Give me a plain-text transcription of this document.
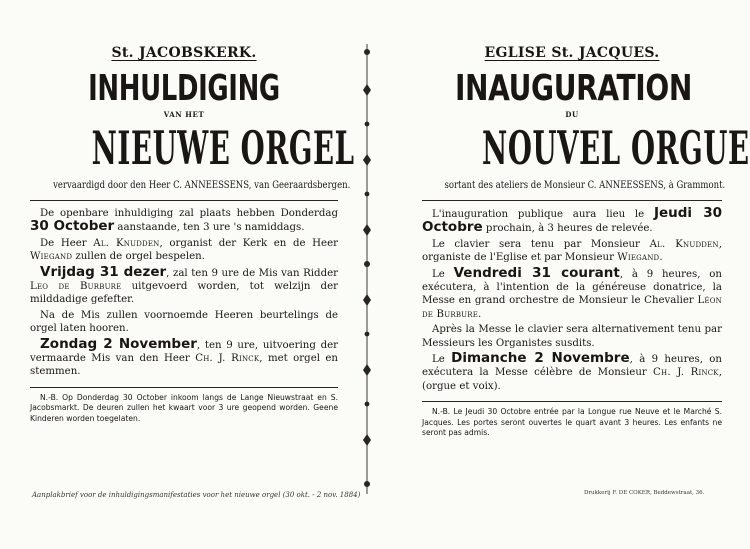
St. JACOBSKERK.
INHULDIGING
VAN HET
NIEUWE ORGEL
vervaardigd door den Heer C. ANNEESSENS, van Geeraardsbergen.

De openbare inhuldiging zal plaats hebben Donderdag 30 October aanstaande, ten 3 ure 's namiddags.

De Heer Al. Knudden, organist der Kerk en de Heer Wiegand zullen de orgel bespelen.

Vrijdag 31 dezer, zal ten 9 ure de Mis van Ridder Leo de Burbure uitgevoerd worden, tot welzijn der milddadige gefefter.

Na de Mis zullen voornoemde Heeren beurtelings de orgel laten hooren.

Zondag 2 November, ten 9 ure, uitvoering der vermaarde Mis van den Heer Ch. J. Rinck, met orgel en stemmen.

N.-B. Op Donderdag 30 October inkoom langs de Lange Nieuwstraat en S. Jacobsmarkt. De deuren zullen het kwaart voor 3 ure geopend worden. Geene Kinderen worden toegelaten.
EGLISE St. JACQUES.
INAUGURATION
DU
NOUVEL ORGUE
sortant des ateliers de Monsieur C. ANNEESSENS, à Grammont.

L'inauguration publique aura lieu le Jeudi 30 Octobre prochain, à 3 heures de relevée.

Le clavier sera tenu par Monsieur Al. Knudden, organiste de l'Eglise et par Monsieur Wiegand.

Le Vendredi 31 courant, à 9 heures, on exécutera, à l'intention de la généreuse donatrice, la Messe en grand orchestre de Monsieur le Chevalier Léon de Burbure.

Après la Messe le clavier sera alternativement tenu par Messieurs les Organistes susdits.

Le Dimanche 2 Novembre, à 9 heures, on exécutera la Messe célèbre de Monsieur Ch. J. Rinck, (orgue et voix).

N.-B. Le Jeudi 30 Octobre entrée par la Longue rue Neuve et le Marché S. Jacques. Les portes seront ouvertes le quart avant 3 heures. Les enfants ne seront pas admis.
Aanplakbrief voor de inhuldigingsmanifestaties voor het nieuwe orgel (30 okt. - 2 nov. 1884)	Drukkerij F. DE COKER, Beddewstraat, 36.
